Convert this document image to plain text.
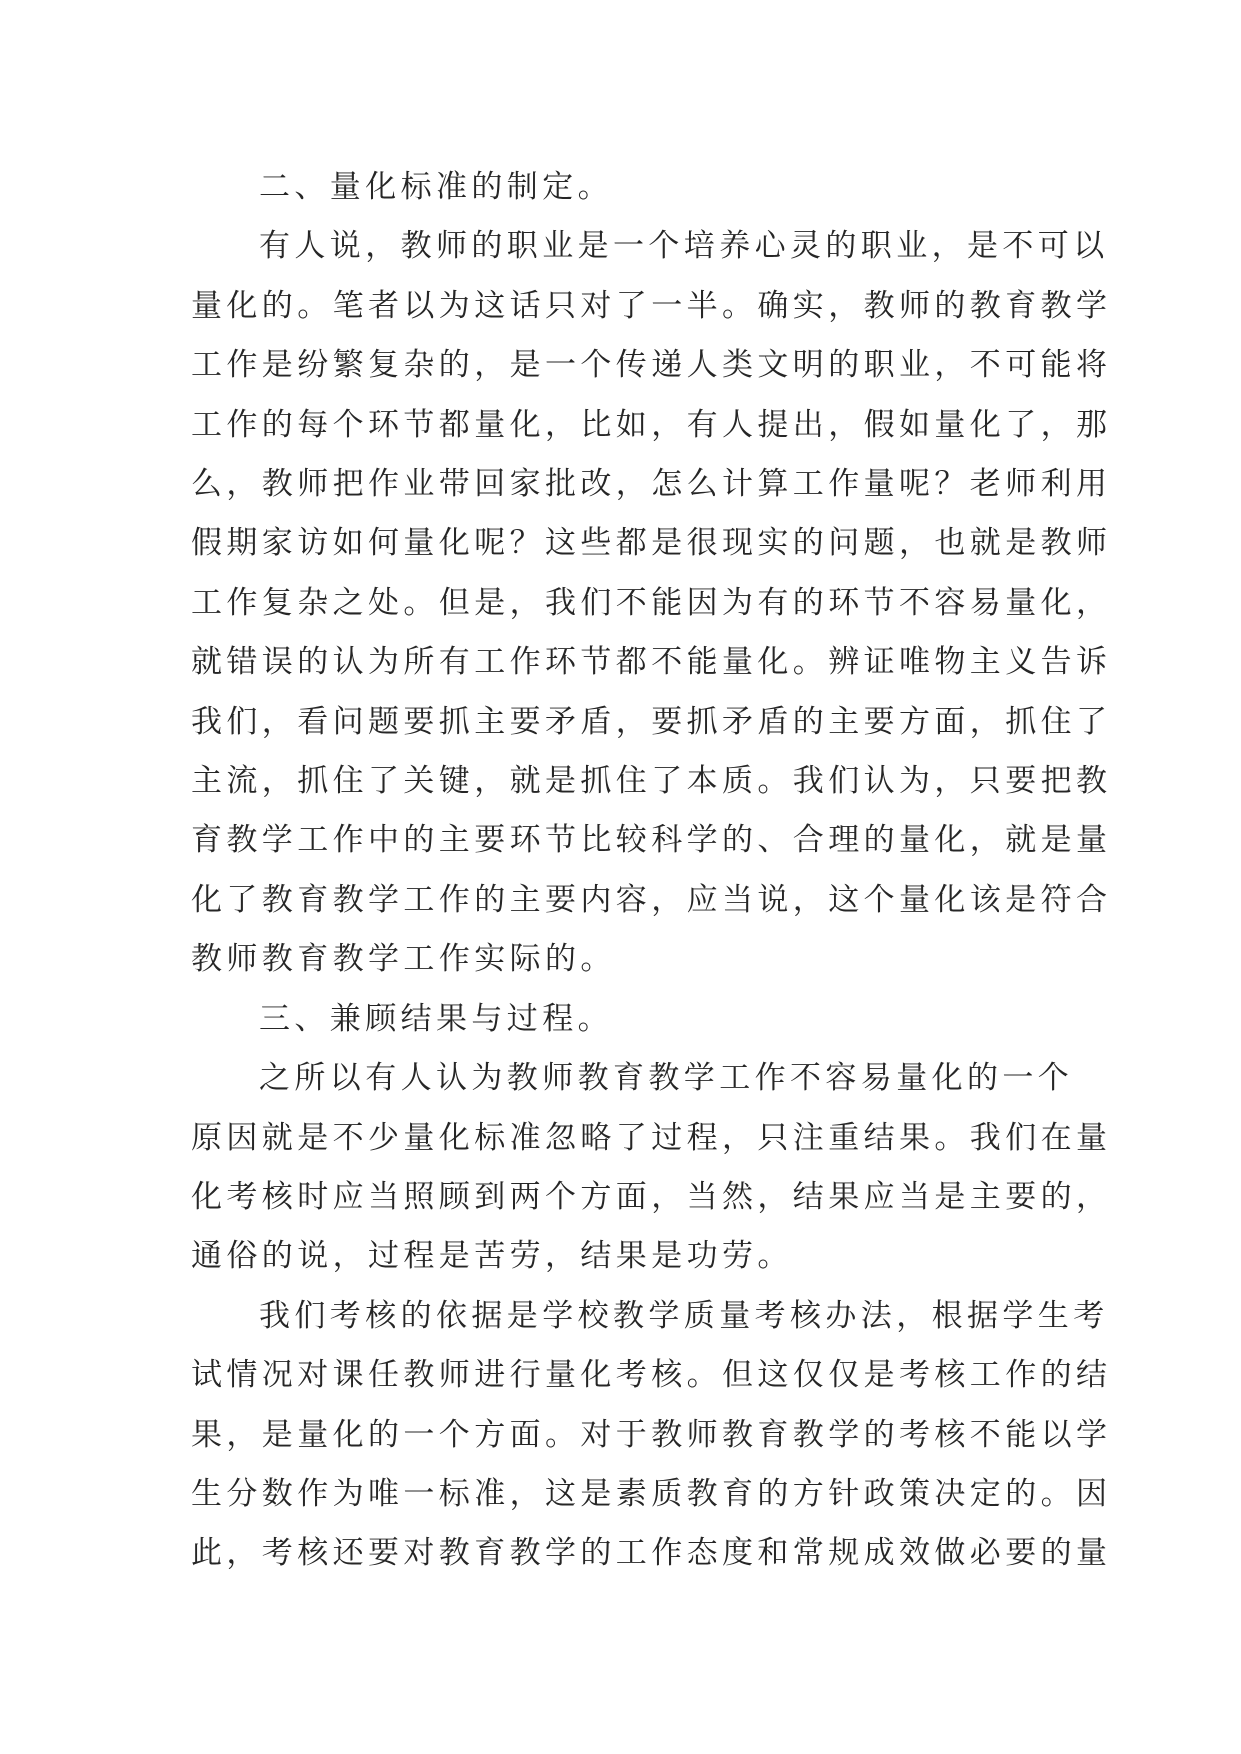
二、量化标准的制定。
有人说，教师的职业是一个培养心灵的职业，是不可以
量化的。笔者以为这话只对了一半。确实，教师的教育教学
工作是纷繁复杂的，是一个传递人类文明的职业，不可能将
工作的每个环节都量化，比如，有人提出，假如量化了，那
么，教师把作业带回家批改，怎么计算工作量呢？老师利用
假期家访如何量化呢？这些都是很现实的问题，也就是教师
工作复杂之处。但是，我们不能因为有的环节不容易量化，
就错误的认为所有工作环节都不能量化。辨证唯物主义告诉
我们，看问题要抓主要矛盾，要抓矛盾的主要方面，抓住了
主流，抓住了关键，就是抓住了本质。我们认为，只要把教
育教学工作中的主要环节比较科学的、合理的量化，就是量
化了教育教学工作的主要内容，应当说，这个量化该是符合
教师教育教学工作实际的。
三、兼顾结果与过程。
之所以有人认为教师教育教学工作不容易量化的一个
原因就是不少量化标准忽略了过程，只注重结果。我们在量
化考核时应当照顾到两个方面，当然，结果应当是主要的，
通俗的说，过程是苦劳，结果是功劳。
我们考核的依据是学校教学质量考核办法，根据学生考
试情况对课任教师进行量化考核。但这仅仅是考核工作的结
果，是量化的一个方面。对于教师教育教学的考核不能以学
生分数作为唯一标准，这是素质教育的方针政策决定的。因
此，考核还要对教育教学的工作态度和常规成效做必要的量
